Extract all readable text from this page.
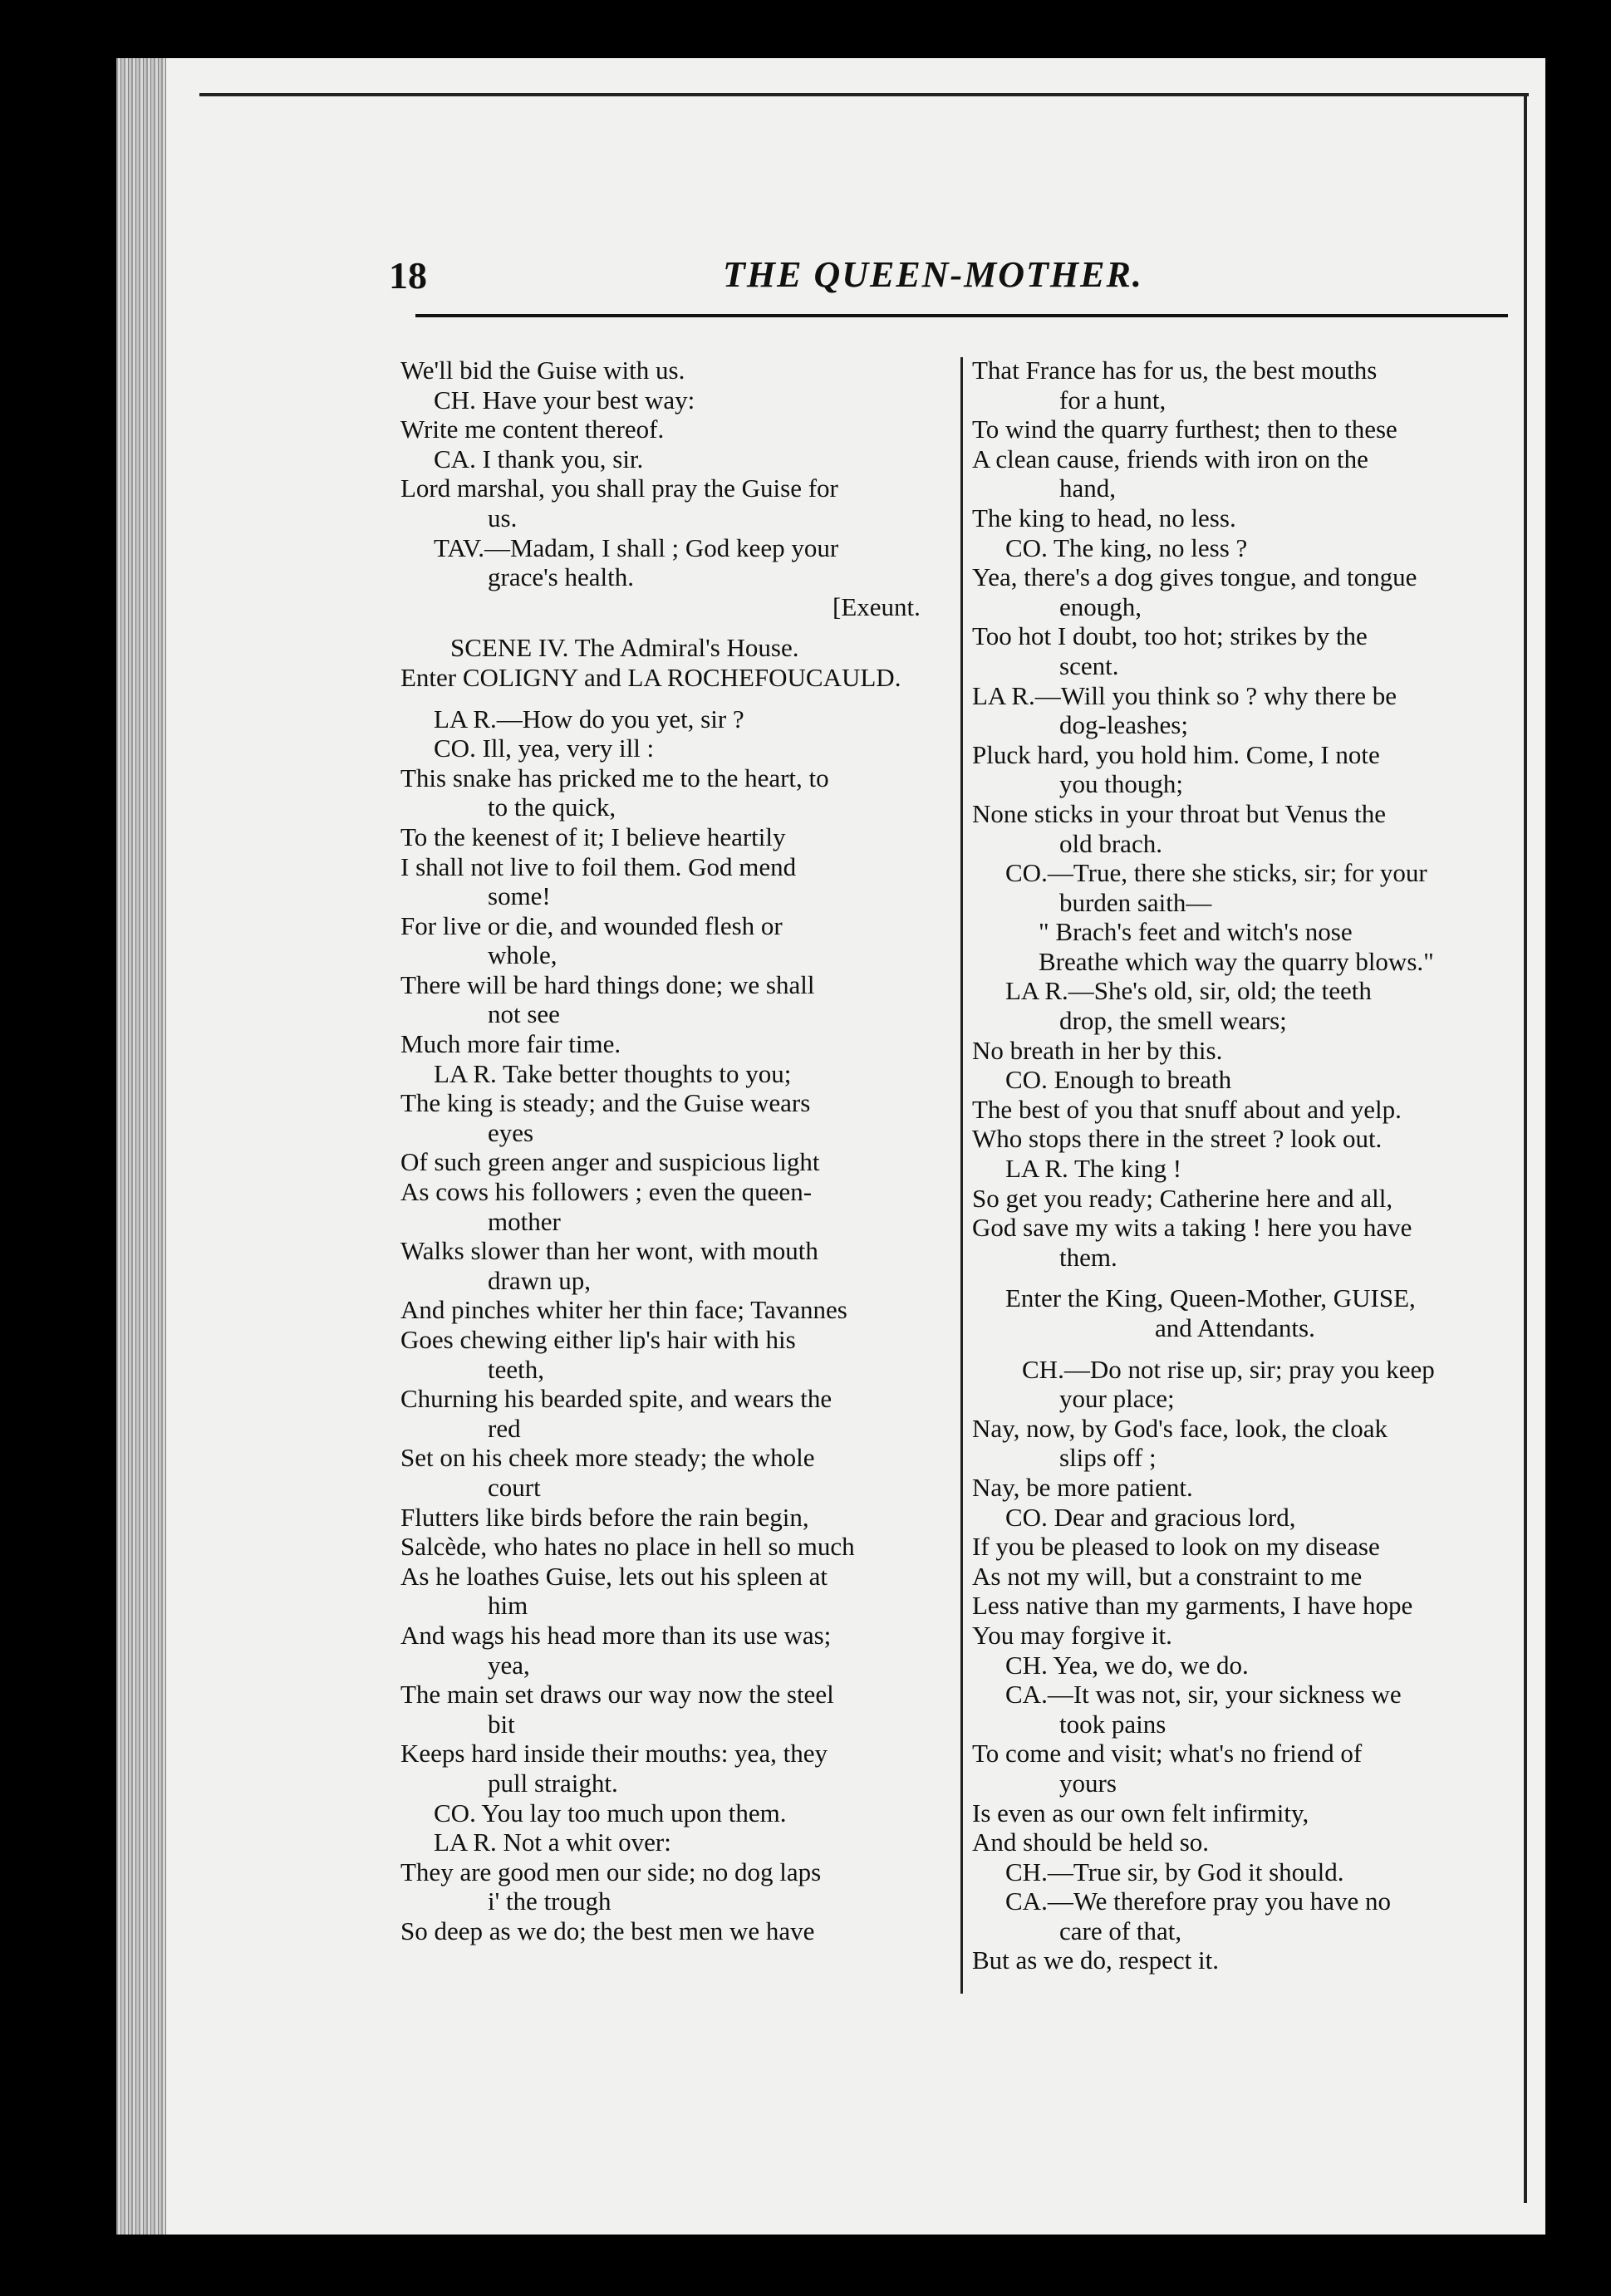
18	THE QUEEN-MOTHER.
We'll bid the Guise with us.
CH. Have your best way:
Write me content thereof.
CA. I thank you, sir.
Lord marshal, you shall pray the Guise for
us.
TAV.—Madam, I shall ; God keep your
grace's health.
[Exeunt.
SCENE IV. The Admiral's House.
Enter COLIGNY and LA ROCHEFOUCAULD.
LA R.—How do you yet, sir ?
CO. Ill, yea, very ill :
This snake has pricked me to the heart, to
to the quick,
To the keenest of it; I believe heartily
I shall not live to foil them. God mend
some!
For live or die, and wounded flesh or
whole,
There will be hard things done; we shall
not see
Much more fair time.
LA R. Take better thoughts to you;
The king is steady; and the Guise wears
eyes
Of such green anger and suspicious light
As cows his followers ; even the queen-
mother
Walks slower than her wont, with mouth
drawn up,
And pinches whiter her thin face; Tavannes
Goes chewing either lip's hair with his
teeth,
Churning his bearded spite, and wears the
red
Set on his cheek more steady; the whole
court
Flutters like birds before the rain begin,
Salcède, who hates no place in hell so much
As he loathes Guise, lets out his spleen at
him
And wags his head more than its use was;
yea,
The main set draws our way now the steel
bit
Keeps hard inside their mouths: yea, they
pull straight.
CO. You lay too much upon them.
LA R. Not a whit over:
They are good men our side; no dog laps
i' the trough
So deep as we do; the best men we have
That France has for us, the best mouths
for a hunt,
To wind the quarry furthest; then to these
A clean cause, friends with iron on the
hand,
The king to head, no less.
CO. The king, no less ?
Yea, there's a dog gives tongue, and tongue
enough,
Too hot I doubt, too hot; strikes by the
scent.
LA R.—Will you think so ? why there be
dog-leashes;
Pluck hard, you hold him. Come, I note
you though;
None sticks in your throat but Venus the
old brach.
CO.—True, there she sticks, sir; for your
burden saith—
" Brach's feet and witch's nose
Breathe which way the quarry blows."
LA R.—She's old, sir, old; the teeth
drop, the smell wears;
No breath in her by this.
CO. Enough to breath
The best of you that snuff about and yelp.
Who stops there in the street ? look out.
LA R. The king !
So get you ready; Catherine here and all,
God save my wits a taking ! here you have
them.
Enter the King, Queen-Mother, GUISE,
and Attendants.
CH.—Do not rise up, sir; pray you keep
your place;
Nay, now, by God's face, look, the cloak
slips off ;
Nay, be more patient.
CO. Dear and gracious lord,
If you be pleased to look on my disease
As not my will, but a constraint to me
Less native than my garments, I have hope
You may forgive it.
CH. Yea, we do, we do.
CA.—It was not, sir, your sickness we
took pains
To come and visit; what's no friend of
yours
Is even as our own felt infirmity,
And should be held so.
CH.—True sir, by God it should.
CA.—We therefore pray you have no
care of that,
But as we do, respect it.
